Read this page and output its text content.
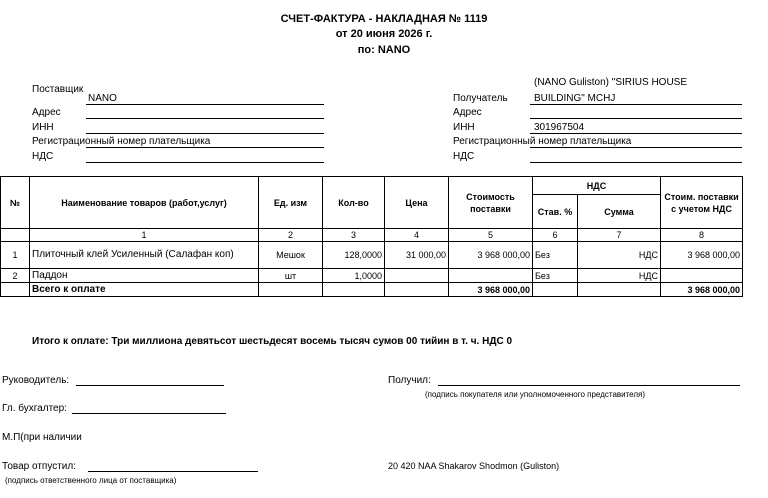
СЧЕТ-ФАКТУРА - НАКЛАДНАЯ № 1119
от 20 июня 2026 г.
по: NANO
Поставщик
NANO
Адрес
ИНН
Регистрационный номер плательщика
НДС
(NANO Guliston) "SIRIUS HOUSE
Получатель	BUILDING" MCHJ
Адрес
ИНН	301967504
Регистрационный номер плательщика
НДС
№	Наименование товаров (работ,услуг)	Ед. изм	Кол-во	Цена	Стоимость поставки	НДС		Стоим. поставки с учетом НДС
						Став. %	Сумма	
	1	2	3	4	5	6	7	8
1	Плиточный клей Усиленный (Салафан коп)	Мешок	128,0000	31 000,00	3 968 000,00	Без	НДС	3 968 000,00
2	Паддон	шт	1,0000			Без	НДС	
	Всего к оплате				3 968 000,00			3 968 000,00
Итого к оплате: Три миллиона девятьсот шестьдесят восемь тысяч сумов 00 тийин в т. ч. НДС 0
Руководитель:	Получил:
(подпись покупателя или уполномоченного представителя)
Гл. бухгалтер:
М.П(при наличии
Товар отпустил:
(подпись ответственного лица от поставщика)
20 420 NAA Shakarov Shodmon (Guliston)
